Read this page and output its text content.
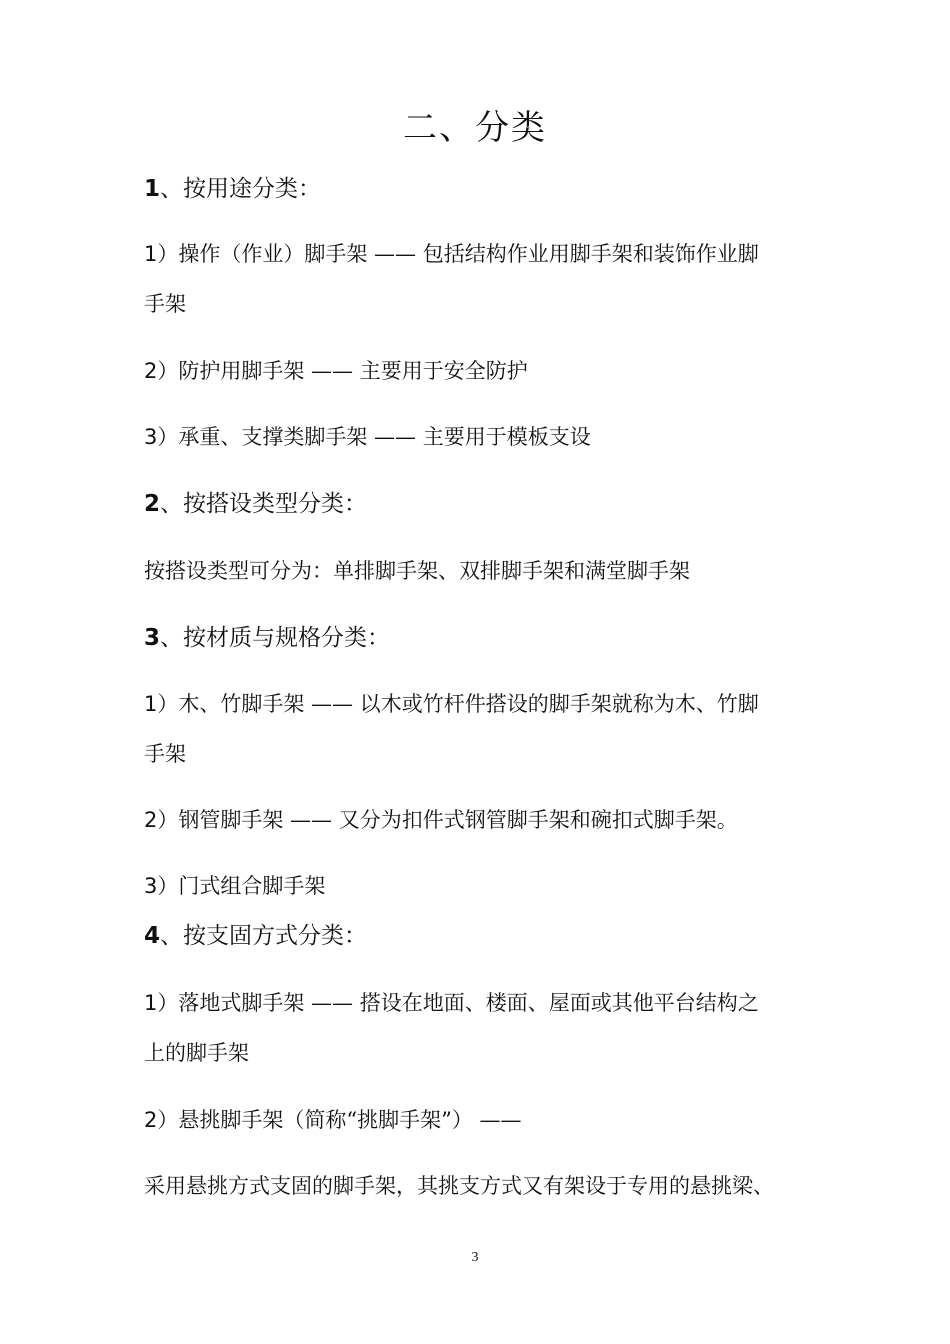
二、分类
1、按用途分类：
1）操作（作业）脚手架 —— 包括结构作业用脚手架和装饰作业脚
手架
2）防护用脚手架 —— 主要用于安全防护
3）承重、支撑类脚手架 —— 主要用于模板支设
2、按搭设类型分类：
按搭设类型可分为：单排脚手架、双排脚手架和满堂脚手架
3、按材质与规格分类：
1）木、竹脚手架 —— 以木或竹杆件搭设的脚手架就称为木、竹脚
手架
2）钢管脚手架 —— 又分为扣件式钢管脚手架和碗扣式脚手架。
3）门式组合脚手架
4、按支固方式分类：
1）落地式脚手架 —— 搭设在地面、楼面、屋面或其他平台结构之
上的脚手架
2）悬挑脚手架（简称“挑脚手架”） ——
采用悬挑方式支固的脚手架，其挑支方式又有架设于专用的悬挑梁、
3
